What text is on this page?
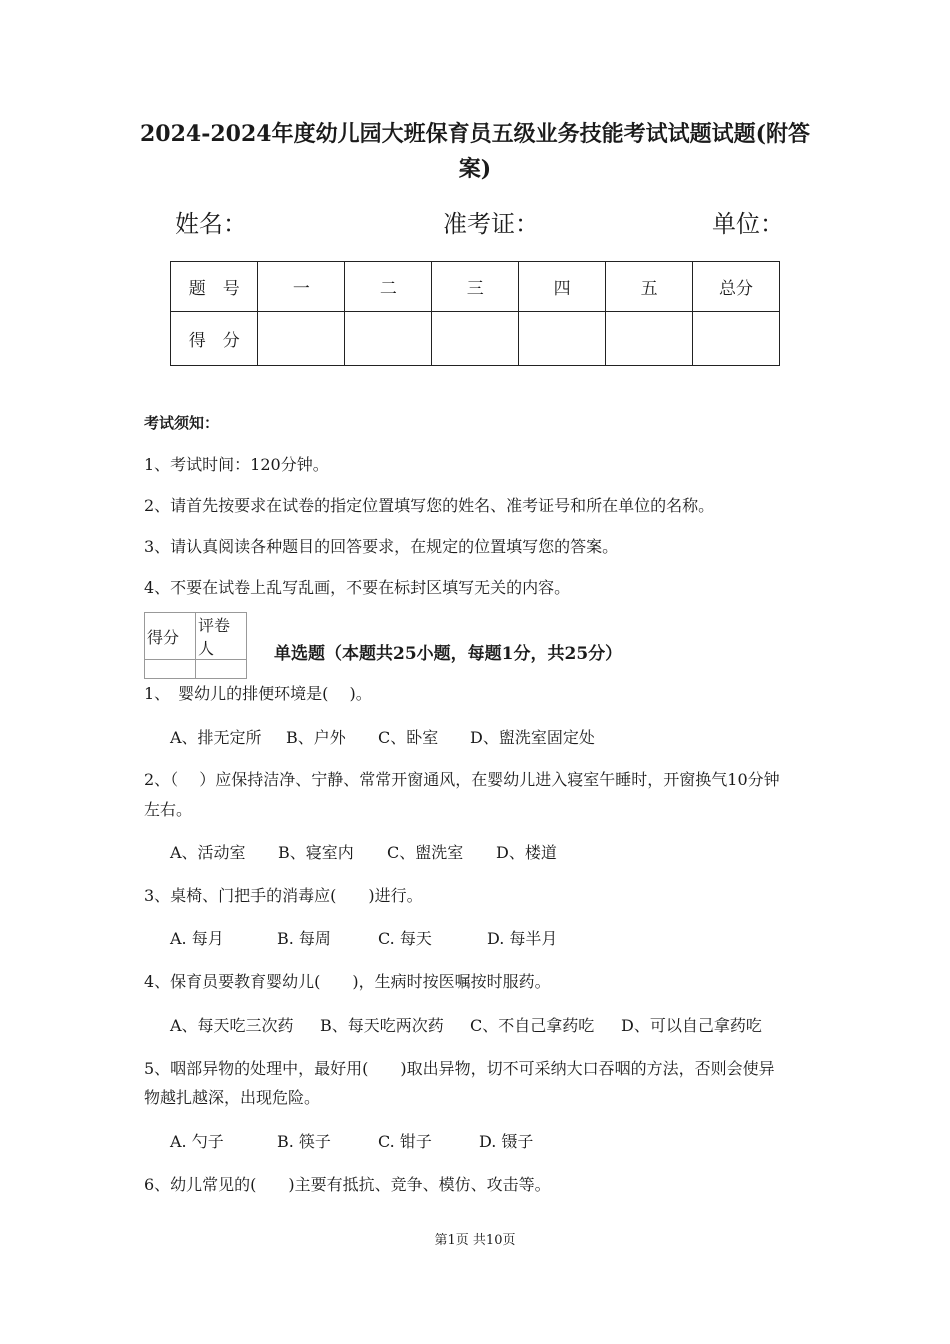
2024-2024年度幼儿园大班保育员五级业务技能考试试题试题(附答
案)
姓名：	准考证：	单位：
题　号	一	二	三	四	五	总分
得　分						
考试须知：
1、考试时间：120分钟。
2、请首先按要求在试卷的指定位置填写您的姓名、准考证号和所在单位的名称。
3、请认真阅读各种题目的回答要求，在规定的位置填写您的答案。
4、不要在试卷上乱写乱画，不要在标封区填写无关的内容。
得分	评卷人
		单选题（本题共25小题，每题1分，共25分）
1、　婴幼儿的排便环境是(　 )。
A、排无定所 B、户外 C、卧室 D、盥洗室固定处
2、（　 ）应保持洁净、宁静、常常开窗通风，在婴幼儿进入寝室午睡时，开窗换气10分钟
左右。
A、活动室 B、寝室内 C、盥洗室 D、楼道
3、桌椅、门把手的消毒应(　　)进行。
A. 每月	B. 每周	C. 每天	D. 每半月
4、保育员要教育婴幼儿(　　)，生病时按医嘱按时服药。
A、每天吃三次药 B、每天吃两次药 C、不自己拿药吃 D、可以自己拿药吃
5、咽部异物的处理中，最好用(　　)取出异物，切不可采纳大口吞咽的方法，否则会使异
物越扎越深，出现危险。
A. 勺子	B. 筷子	C. 钳子	D. 镊子
6、幼儿常见的(　　)主要有抵抗、竞争、模仿、攻击等。
第1页 共10页
